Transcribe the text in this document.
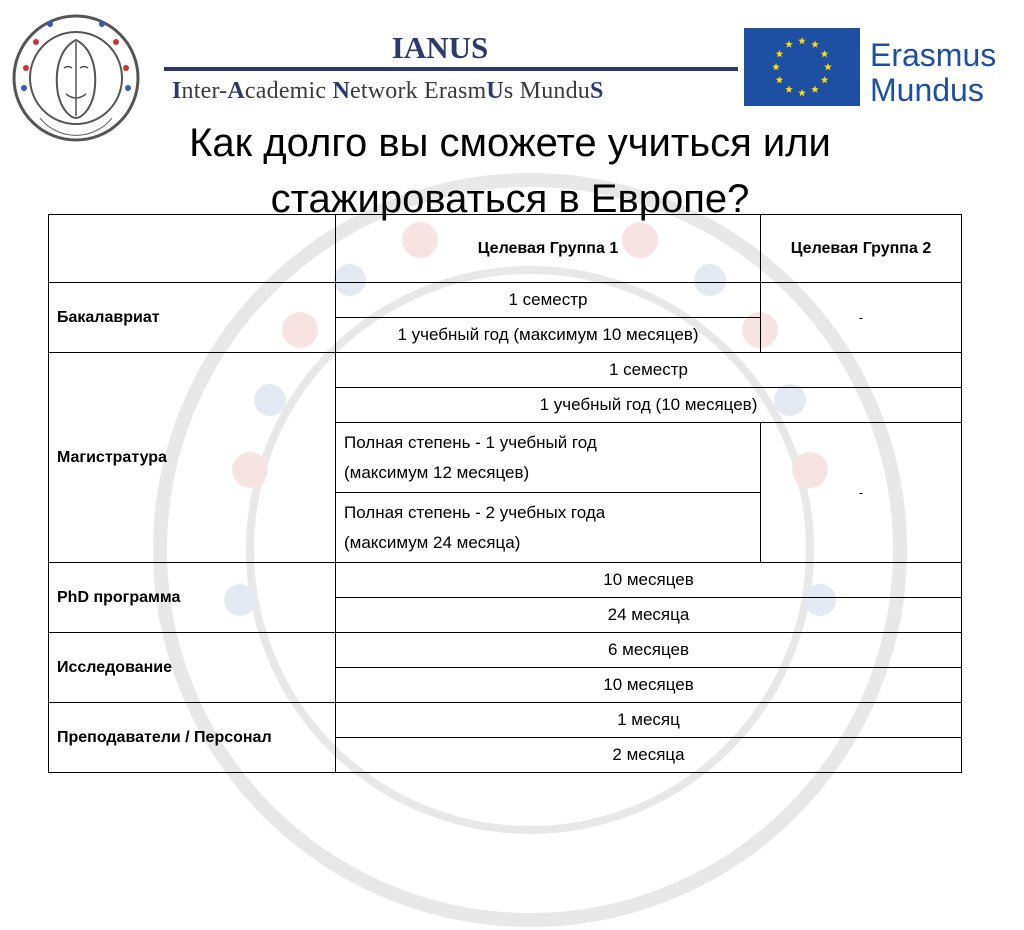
IANUS
Inter-Academic Network ErasmUs MunduS
Erasmus
Mundus
Как долго вы сможете учиться или
стажироваться в Европе?
	Целевая Группа 1	Целевая Группа 2
Бакалавриат	1 семестр	-
	1 учебный год (максимум 10 месяцев)	
Магистратура	1 семестр	
	1 учебный год (10 месяцев)	

	Полная степень - 1 учебный год
(максимум 12 месяцев)	-

	Полная степень - 2 учебных года
(максимум 24 месяца)	

PhD программа	10 месяцев	
	24 месяца	
Исследование	6 месяцев	
	10 месяцев	
Преподаватели / Персонал	1 месяц	
	2 месяца	
